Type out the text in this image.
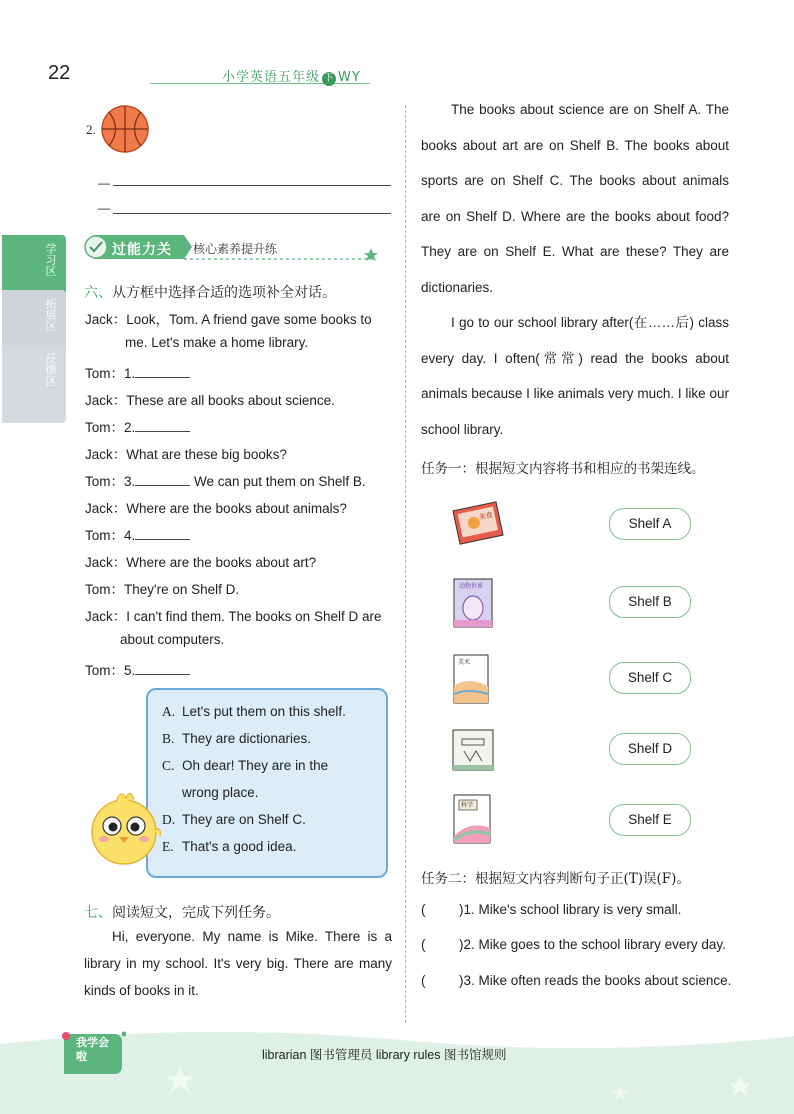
22	小学英语五年级 下 WY
学习区
拓展区
反馈区
2.
—
—
过能力关 核心素养提升练
六、从方框中选择合适的选项补全对话。
Jack：Look，Tom. A friend gave some books to
me. Let's make a home library.
Tom：1.
Jack：These are all books about science.
Tom：2.
Jack：What are these big books?
Tom：3.	We can put them on Shelf B.
Jack：Where are the books about animals?
Tom：4.
Jack：Where are the books about art?
Tom：They're on Shelf D.
Jack：I can't find them. The books on Shelf D are
about computers.
Tom：5.
A. Let's put them on this shelf.
B. They are dictionaries.
C. Oh dear! They are in the
wrong place.
D. They are on Shelf C.
E. That's a good idea.
七、阅读短文，完成下列任务。
Hi, everyone. My name is Mike. There is a library in my school. It's very big. There are many kinds of books in it.
The books about science are on Shelf A. The books about art are on Shelf B. The books about sports are on Shelf C. The books about animals are on Shelf D. Where are the books about food? They are on Shelf E. What are these? They are dictionaries.
I go to our school library after(在……后) class every day. I often(常常) read the books about animals because I like animals very much. I like our school library.
任务一：根据短文内容将书和相应的书架连线。
美食
动物世界
美术
科学
Shelf A
Shelf B
Shelf C
Shelf D
Shelf E
任务二：根据短文内容判断句子正(T)误(F)。
( )1. Mike's school library is very small.
( )2. Mike goes to the school library every day.
( )3. Mike often reads the books about science.
我学会啦	librarian 图书管理员 library rules 图书馆规则
